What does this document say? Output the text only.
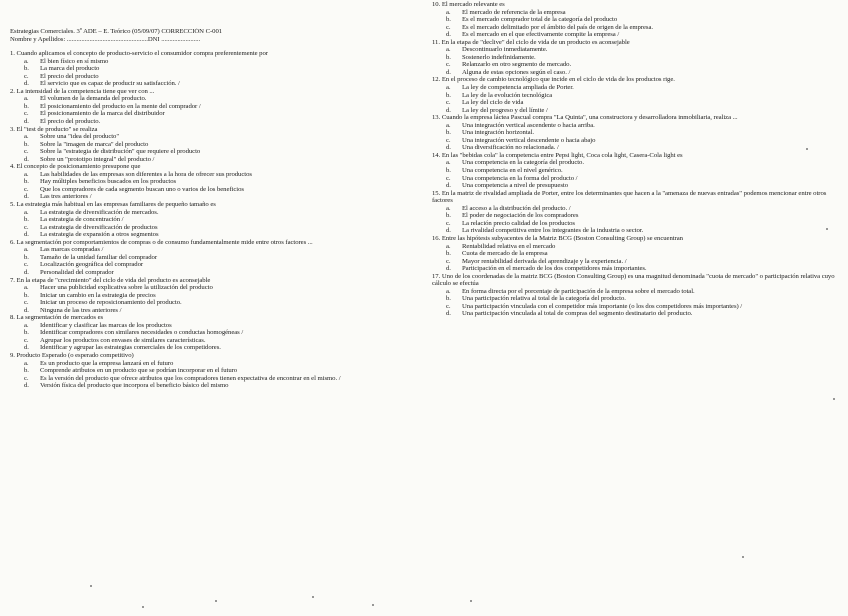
Estrategias Comerciales. 3º ADE – E. Teórico (05/09/07) CORRECCIÓN C-001

Nombre y Apellidos: ..................................................DNI ........................

1. Cuando aplicamos el concepto de producto-servicio el consumidor compra preferentemente por

a.	El bien físico en sí mismo

b.	La marca del producto

c.	El precio del producto

d.	El servicio que es capaz de producir su satisfacción. /

2. La intensidad de la competencia tiene que ver con ...

a.	El volumen de la demanda del producto.

b.	El posicionamiento del producto en la mente del comprador /

c.	El posicionamiento de la marca del distribuidor

d.	El precio del producto.

3. El "test de producto" se realiza

a.	Sobre una "idea del producto"

b.	Sobre la "imagen de marca" del producto

c.	Sobre la "estrategia de distribución" que requiere el producto

d.	Sobre un "prototipo integral" del producto /

4. El concepto de posicionamiento presupone que

a.	Las habilidades de las empresas son diferentes a la hora de ofrecer sus productos

b.	Hay múltiples beneficios buscados en los productos

c.	Que los compradores de cada segmento buscan uno o varios de los beneficios

d.	Las tres anteriores /

5. La estrategia más habitual en las empresas familiares de pequeño tamaño es

a.	La estrategia de diversificación de mercados.

b.	La estrategia de concentración /

c.	La estrategia de diversificación de productos

d.	La estrategia de expansión a otros segmentos

6. La segmentación por comportamientos de compras o de consumo fundamentalmente mide entre otros factores ...

a.	Las marcas compradas /

b.	Tamaño de la unidad familiar del comprador

c.	Localización geográfica del comprador

d.	Personalidad del comprador

7. En la etapa de "crecimiento" del ciclo de vida del producto es aconsejable

a.	Hacer una publicidad explicativa sobre la utilización del producto

b.	Iniciar un cambio en la estrategia de precios

c.	Iniciar un proceso de reposicionamiento del producto.

d.	Ninguna de las tres anteriores /

8. La segmentación de mercados es

a.	Identificar y clasificar las marcas de los productos

b.	Identificar compradores con similares necesidades o conductas homogéneas /

c.	Agrupar los productos con envases de similares características.

d.	Identificar y agrupar las estrategias comerciales de los competidores.

9. Producto Esperado (o esperado competitivo)

a.	Es un producto que la empresa lanzará en el futuro

b.	Comprende atributos en un producto que se podrían incorporar en el futuro

c.	Es la versión del producto que ofrece atributos que los compradores tienen expectativa de encontrar en el mismo. /

d.	Versión física del producto que incorpora el beneficio básico del mismo

10. El mercado relevante es

a.	El mercado de referencia de la empresa

b.	Es el mercado comprador total de la categoría del producto

c.	Es el mercado delimitado por el ámbito del país de origen de la empresa.

d.	Es el mercado en el que efectivamente compite la empresa /

11. En la etapa de "declive" del ciclo de vida de un producto es aconsejable

a.	Descontinuarlo inmediatamente.

b.	Sostenerlo indefinidamente.

c.	Relanzarlo en otro segmento de mercado.

d.	Alguna de estas opciones según el caso. /

12. En el proceso de cambio tecnológico que incide en el ciclo de vida de los productos rige.

a.	La ley de competencia ampliada de Porter.

b.	La ley de la evolución tecnológica

c.	La ley del ciclo de vida

d.	La ley del progreso y del límite /

13. Cuando la empresa láctea Pascual compra "La Quinta", una constructora y desarrolladora inmobiliaria, realiza ...

a.	Una integración vertical ascendente o hacia arriba.

b.	Una integración horizontal.

c.	Una integración vertical descendente o hacia abajo

d.	Una diversificación no relacionada. /

14. En las "bebidas cola" la competencia entre Pepsi light, Coca cola light, Casera-Cola light es

a.	Una competencia en la categoría del producto.

b.	Una competencia en el nivel genérico.

c.	Una competencia en la forma del producto /

d.	Una competencia a nivel de presupuesto

15. En la matriz de rivalidad ampliada de Porter, entre los determinantes que hacen a la "amenaza de nuevas entradas" podemos mencionar entre otros factores

a.	El acceso a la distribución del producto. /

b.	El poder de negociación de los compradores

c.	La relación precio calidad de los productos

d.	La rivalidad competitiva entre los integrantes de la industria o sector.

16. Entre las hipótesis subyacentes de la Matriz BCG (Boston Consulting Group) se encuentran

a.	Rentabilidad relativa en el mercado

b.	Cuota de mercado de la empresa

c.	Mayor rentabilidad derivada del aprendizaje y la experiencia. /

d.	Participación en el mercado de los dos competidores más importantes.

17. Uno de los coordenadas de la matriz BCG (Boston Consulting Group) es una magnitud denominada "cuota de mercado" o participación relativa cuyo cálculo se efectúa

a.	En forma directa por el porcentaje de participación de la empresa sobre el mercado total.

b.	Una participación relativa al total de la categoría del producto.

c.	Una participación vinculada con el competidor más importante (o los dos competidores más importantes) /

d.	Una participación vinculada al total de compras del segmento destinatario del producto.
